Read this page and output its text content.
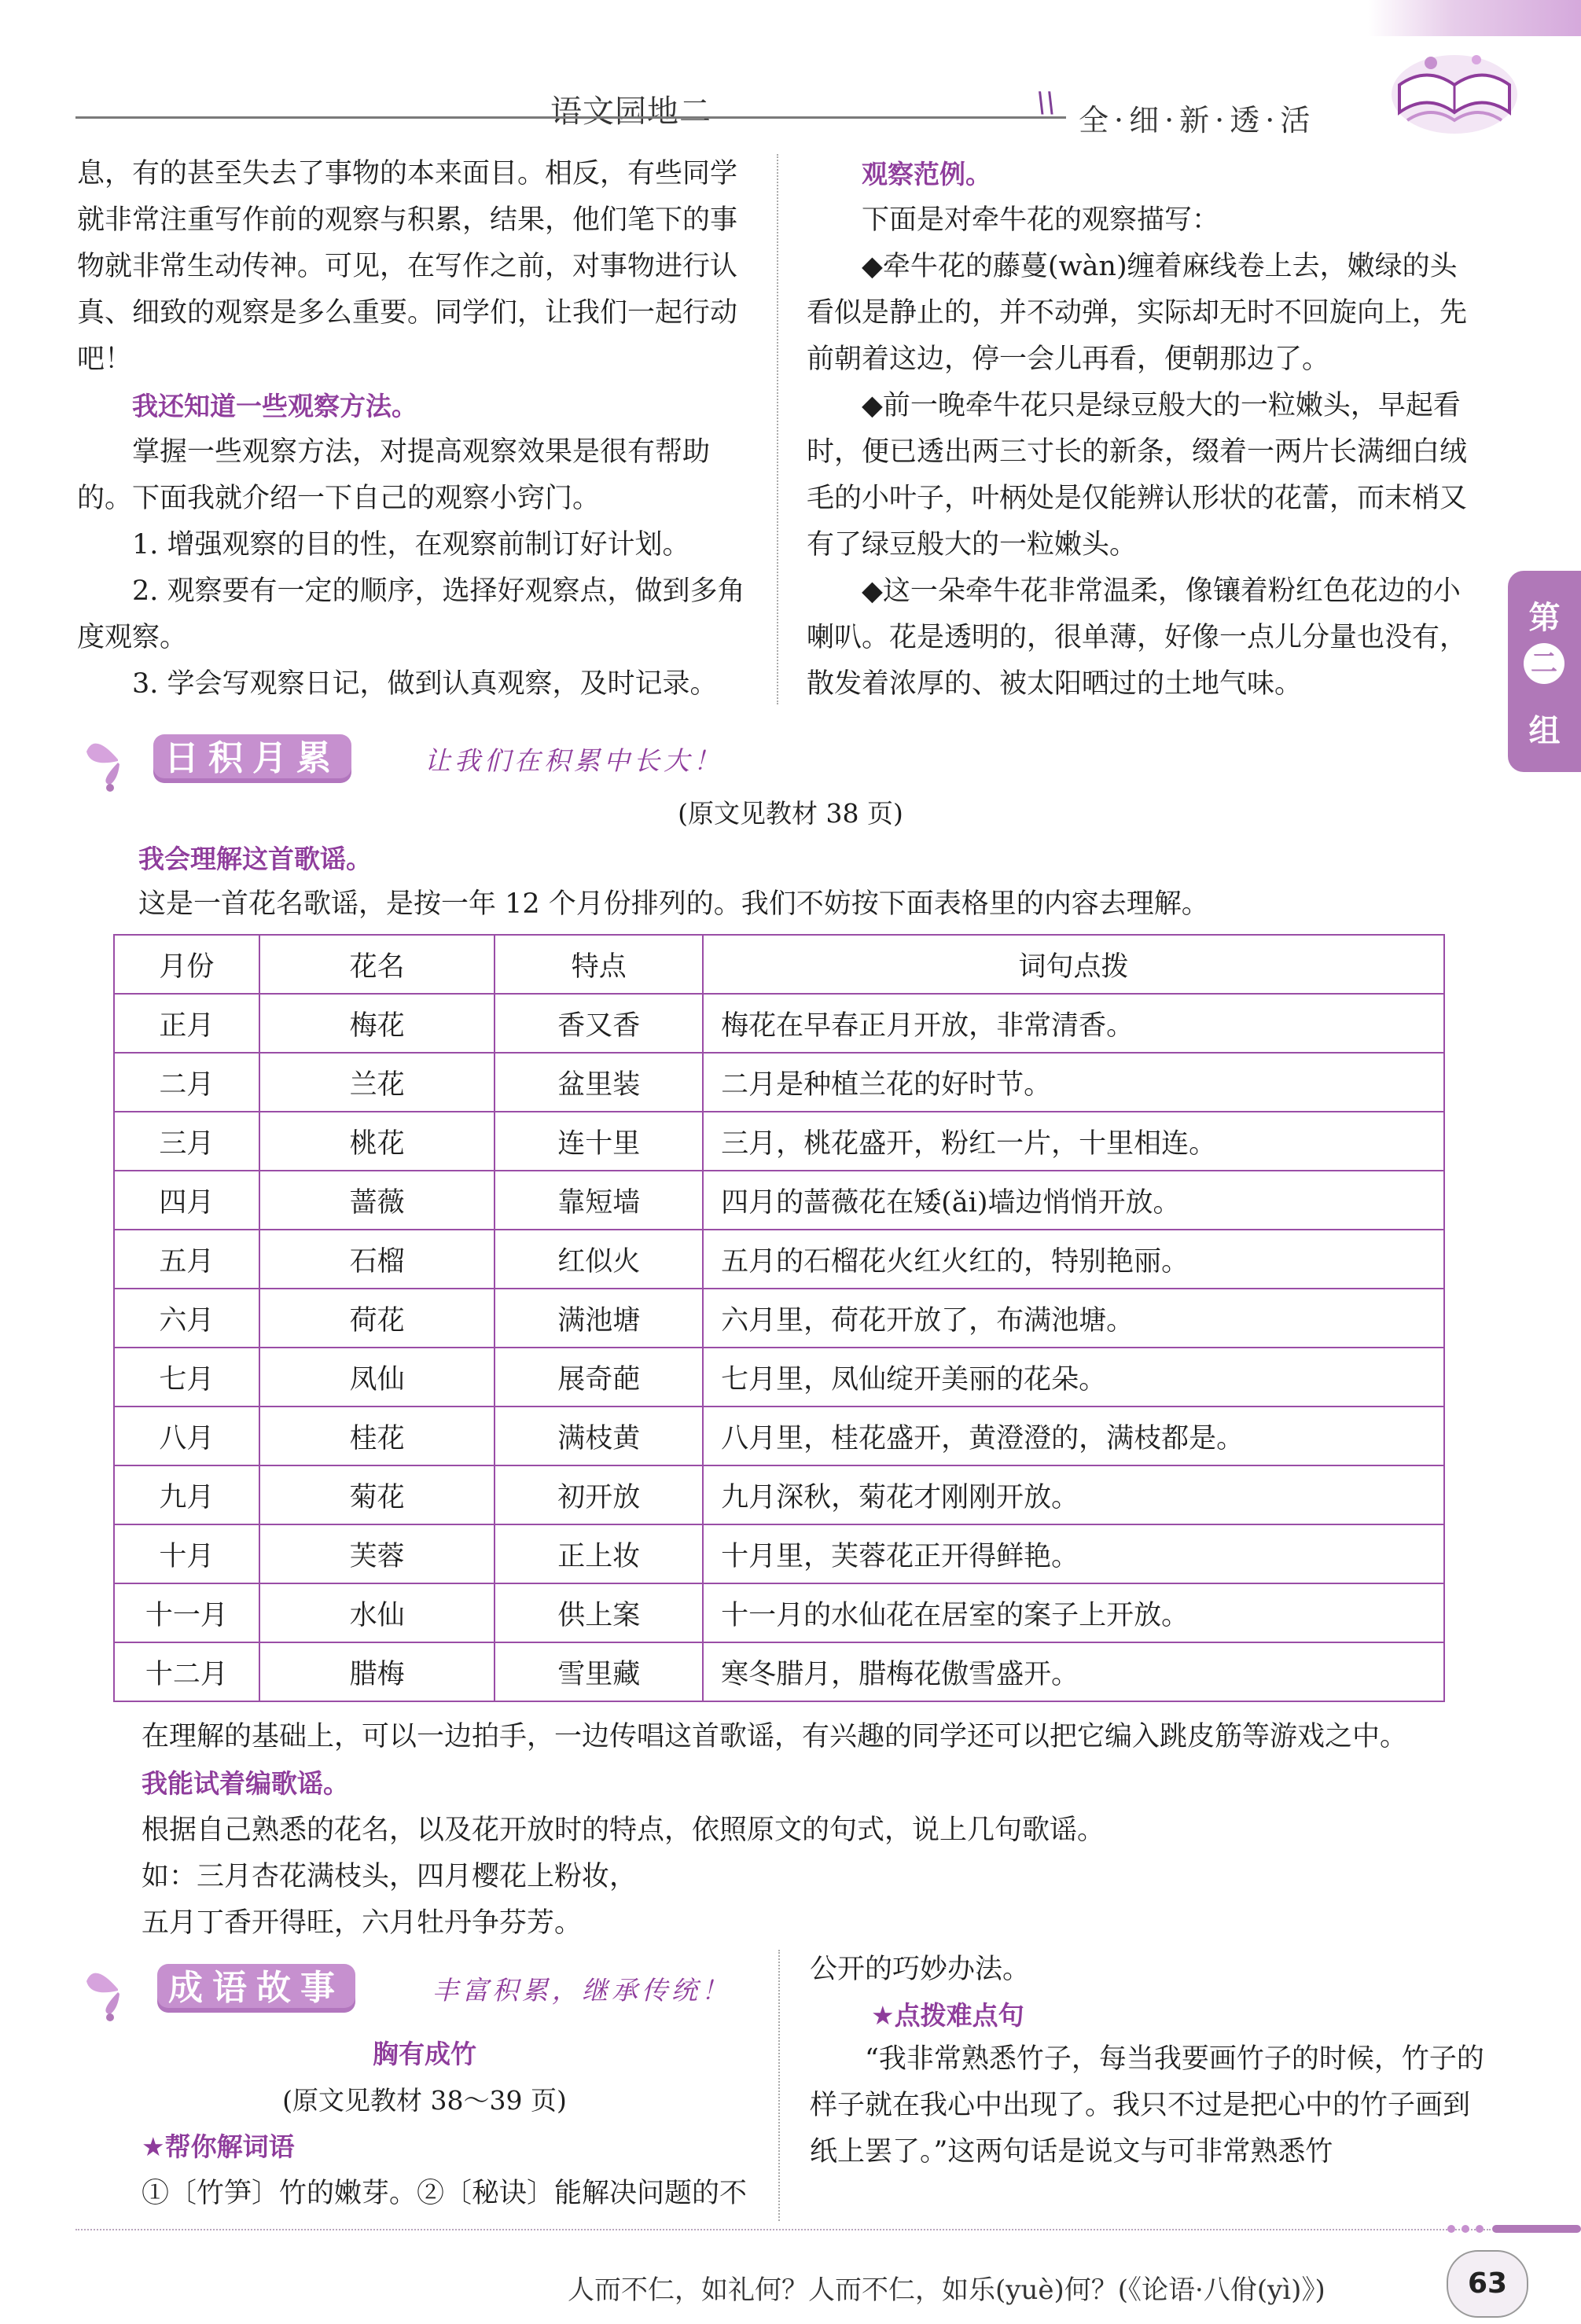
语文园地二	\\
全·细·新·透·活
第
二
组

息，有的甚至失去了事物的本来面目。相反，有些同学就非常注重写作前的观察与积累，结果，他们笔下的事物就非常生动传神。可见，在写作之前，对事物进行认真、细致的观察是多么重要。同学们，让我们一起行动吧！

我还知道一些观察方法。

掌握一些观察方法，对提高观察效果是很有帮助的。下面我就介绍一下自己的观察小窍门。

1. 增强观察的目的性，在观察前制订好计划。

2. 观察要有一定的顺序，选择好观察点，做到多角度观察。

3. 学会写观察日记，做到认真观察，及时记录。

观察范例。

下面是对牵牛花的观察描写：

◆牵牛花的藤蔓(wàn)缠着麻线卷上去，嫩绿的头看似是静止的，并不动弹，实际却无时不回旋向上，先前朝着这边，停一会儿再看，便朝那边了。

◆前一晚牵牛花只是绿豆般大的一粒嫩头，早起看时，便已透出两三寸长的新条，缀着一两片长满细白绒毛的小叶子，叶柄处是仅能辨认形状的花蕾，而末梢又有了绿豆般大的一粒嫩头。

◆这一朵牵牛花非常温柔，像镶着粉红色花边的小喇叭。花是透明的，很单薄，好像一点儿分量也没有，散发着浓厚的、被太阳晒过的土地气味。

日积月累	让我们在积累中长大！
(原文见教材 38 页)
我会理解这首歌谣。
这是一首花名歌谣，是按一年 12 个月份排列的。我们不妨按下面表格里的内容去理解。
月份	花名	特点	词句点拨
正月	梅花	香又香	梅花在早春正月开放，非常清香。
二月	兰花	盆里装	二月是种植兰花的好时节。
三月	桃花	连十里	三月，桃花盛开，粉红一片，十里相连。
四月	蔷薇	靠短墙	四月的蔷薇花在矮(ǎi)墙边悄悄开放。
五月	石榴	红似火	五月的石榴花火红火红的，特别艳丽。
六月	荷花	满池塘	六月里，荷花开放了，布满池塘。
七月	凤仙	展奇葩	七月里，凤仙绽开美丽的花朵。
八月	桂花	满枝黄	八月里，桂花盛开，黄澄澄的，满枝都是。
九月	菊花	初开放	九月深秋，菊花才刚刚开放。
十月	芙蓉	正上妆	十月里，芙蓉花正开得鲜艳。
十一月	水仙	供上案	十一月的水仙花在居室的案子上开放。
十二月	腊梅	雪里藏	寒冬腊月，腊梅花傲雪盛开。
在理解的基础上，可以一边拍手，一边传唱这首歌谣，有兴趣的同学还可以把它编入跳皮筋等游戏之中。
我能试着编歌谣。
根据自己熟悉的花名，以及花开放时的特点，依照原文的句式，说上几句歌谣。
如：三月杏花满枝头，四月樱花上粉妆，
五月丁香开得旺，六月牡丹争芬芳。
成语故事	丰富积累，继承传统！
胸有成竹
(原文见教材 38～39 页)
★帮你解词语
①〔竹笋〕竹的嫩芽。②〔秘诀〕能解决问题的不
公开的巧妙办法。
★点拨难点句

“我非常熟悉竹子，每当我要画竹子的时候，竹子的样子就在我心中出现了。我只不过是把心中的竹子画到纸上罢了。”这两句话是说文与可非常熟悉竹

人而不仁，如礼何？人而不仁，如乐(yuè)何？(《论语·八佾(yì)》)	63
